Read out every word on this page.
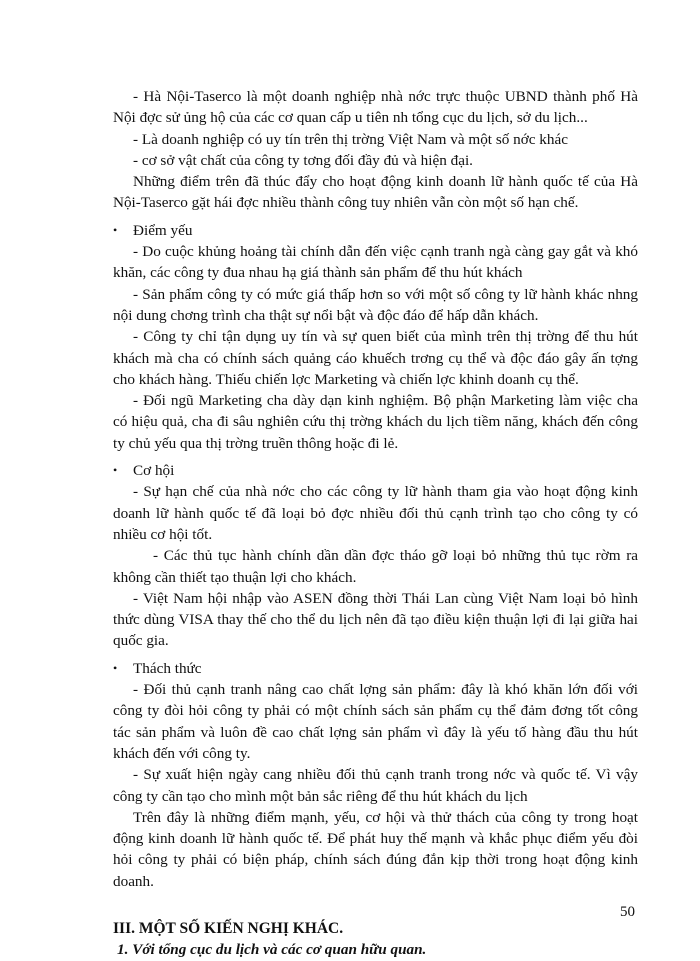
- Hà Nội-Taserco là một doanh nghiệp nhà nớc trực thuộc UBND thành phố Hà Nội đợc sử ủng hộ của các cơ quan cấp u tiên nh tổng cục du lịch, sở du lịch...

- Là doanh nghiệp có uy tín trên thị trờng Việt Nam và một số nớc khác

- cơ sở vật chất của công ty tơng đối đầy đủ và hiện đại.

Những điểm trên đã thúc đẩy cho hoạt động kinh doanh lữ hành quốc tế của Hà Nội-Taserco gặt hái đợc nhiều thành công tuy nhiên vẫn còn một số hạn chế.

• Điểm yếu

- Do cuộc khủng hoảng tài chính dẫn đến việc cạnh tranh ngà càng gay gắt và khó khăn, các công ty đua nhau hạ giá thành sản phẩm để thu hút khách

- Sản phẩm công ty có mức giá thấp hơn so với một số công ty lữ hành khác nhng nội dung chơng trình cha thật sự nổi bật và độc đáo để hấp dẫn khách.

- Công ty chỉ tận dụng uy tín và sự quen biết của mình trên thị trờng để thu hút khách mà cha có chính sách quảng cáo khuếch trơng cụ thể và độc đáo gây ấn tợng cho khách hàng. Thiếu chiến lợc Marketing và chiến lợc khinh doanh cụ thể.

- Đối ngũ Marketing cha dày dạn kinh nghiệm. Bộ phận Marketing làm việc cha có hiệu quả, cha đi sâu nghiên cứu thị trờng khách du lịch tiềm năng, khách đến công ty chủ yếu qua thị trờng truền thông hoặc đi lẻ.

• Cơ hội

- Sự hạn chế của nhà nớc cho các công ty lữ hành tham gia vào hoạt động kinh doanh lữ hành quốc tế đã loại bỏ đợc nhiều đối thủ cạnh trình tạo cho công ty có nhiều cơ hội tốt.

- Các thủ tục hành chính dần dần đợc tháo gỡ loại bỏ những thủ tục rờm ra không cần thiết tạo thuận lợi cho khách.

- Việt Nam hội nhập vào ASEN đồng thời Thái Lan cùng Việt Nam loại bỏ hình thức dùng VISA thay thế cho thể du lịch nên đã tạo điều kiện thuận lợi đi lại giữa hai quốc gia.

• Thách thức

- Đối thủ cạnh tranh nâng cao chất lợng sản phẩm: đây là khó khăn lớn đối với công ty đòi hỏi công ty phải có một chính sách sản phẩm cụ thể đảm đơng tốt công tác sản phẩm và luôn đề cao chất lợng sản phẩm vì đây là yếu tố hàng đầu thu hút khách đến với công ty.

- Sự xuất hiện ngày cang nhiều đối thủ cạnh tranh trong nớc và quốc tế. Vì vậy công ty cần tạo cho mình một bản sắc riêng để thu hút khách du lịch

Trên đây là những điểm mạnh, yếu, cơ hội và thử thách của công ty trong hoạt động kinh doanh lữ hành quốc tế. Để phát huy thế mạnh và khắc phục điểm yếu đòi hỏi công ty phải có biện pháp, chính sách đúng đắn kịp thời trong hoạt động kinh doanh.

III. MỘT SỐ KIẾN NGHỊ KHÁC.

1. Với tổng cục du lịch và các cơ quan hữu quan.

50
